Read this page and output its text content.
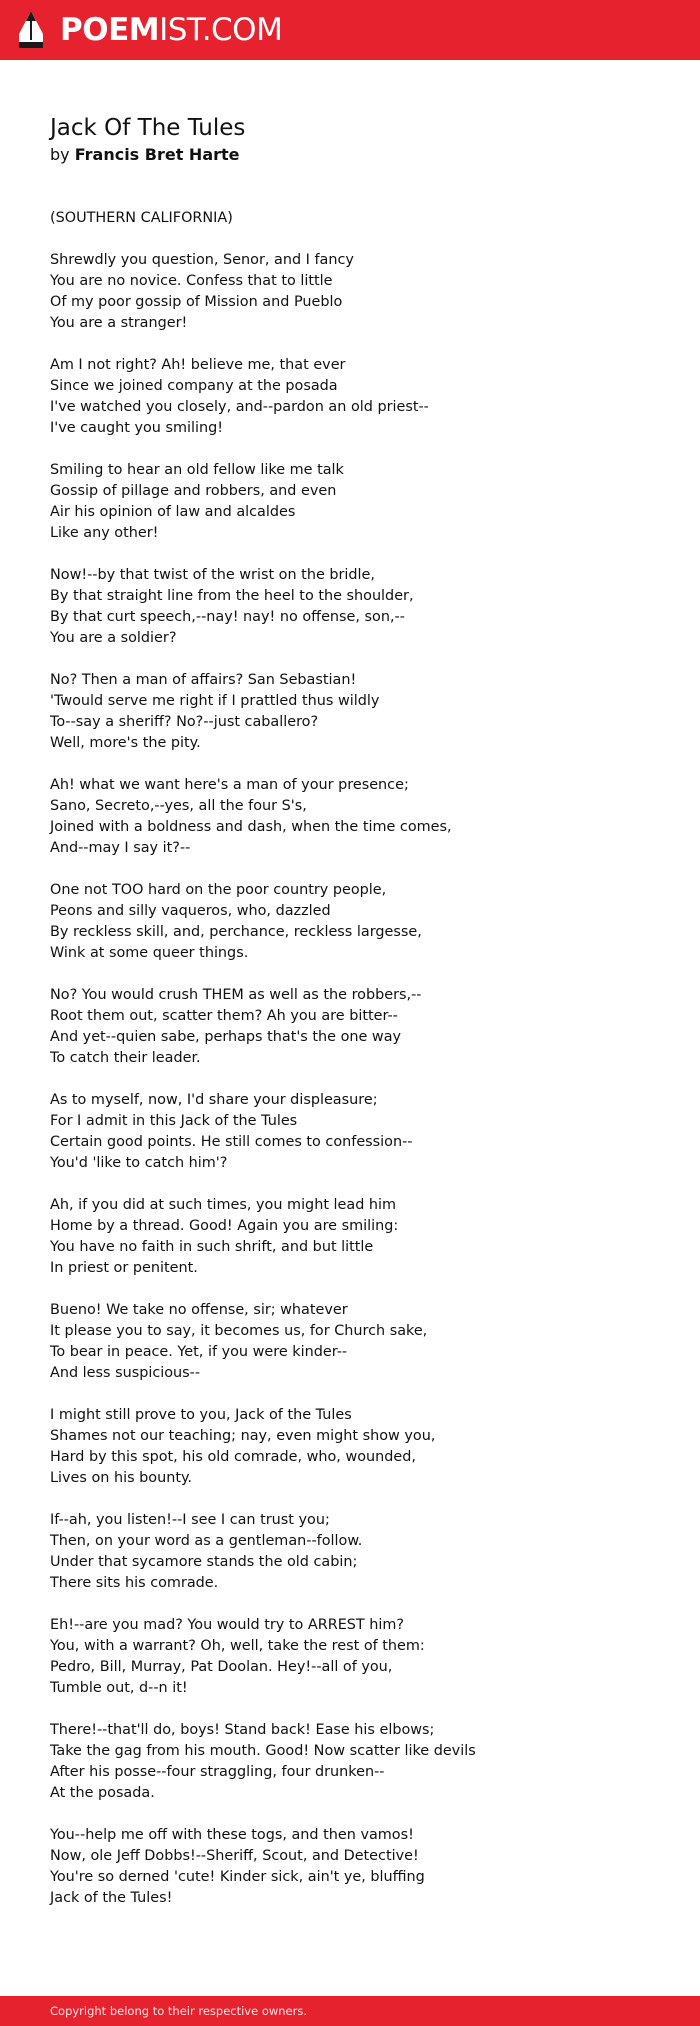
POEMIST.COM
Jack Of The Tules
by Francis Bret Harte
(SOUTHERN CALIFORNIA)
Shrewdly you question, Senor, and I fancy
You are no novice. Confess that to little
Of my poor gossip of Mission and Pueblo
You are a stranger!
Am I not right? Ah! believe me, that ever
Since we joined company at the posada
I've watched you closely, and--pardon an old priest--
I've caught you smiling!
Smiling to hear an old fellow like me talk
Gossip of pillage and robbers, and even
Air his opinion of law and alcaldes
Like any other!
Now!--by that twist of the wrist on the bridle,
By that straight line from the heel to the shoulder,
By that curt speech,--nay! nay! no offense, son,--
You are a soldier?
No? Then a man of affairs? San Sebastian!
'Twould serve me right if I prattled thus wildly
To--say a sheriff? No?--just caballero?
Well, more's the pity.
Ah! what we want here's a man of your presence;
Sano, Secreto,--yes, all the four S's,
Joined with a boldness and dash, when the time comes,
And--may I say it?--
One not TOO hard on the poor country people,
Peons and silly vaqueros, who, dazzled
By reckless skill, and, perchance, reckless largesse,
Wink at some queer things.
No? You would crush THEM as well as the robbers,--
Root them out, scatter them? Ah you are bitter--
And yet--quien sabe, perhaps that's the one way
To catch their leader.
As to myself, now, I'd share your displeasure;
For I admit in this Jack of the Tules
Certain good points. He still comes to confession--
You'd 'like to catch him'?
Ah, if you did at such times, you might lead him
Home by a thread. Good! Again you are smiling:
You have no faith in such shrift, and but little
In priest or penitent.
Bueno! We take no offense, sir; whatever
It please you to say, it becomes us, for Church sake,
To bear in peace. Yet, if you were kinder--
And less suspicious--
I might still prove to you, Jack of the Tules
Shames not our teaching; nay, even might show you,
Hard by this spot, his old comrade, who, wounded,
Lives on his bounty.
If--ah, you listen!--I see I can trust you;
Then, on your word as a gentleman--follow.
Under that sycamore stands the old cabin;
There sits his comrade.
Eh!--are you mad? You would try to ARREST him?
You, with a warrant? Oh, well, take the rest of them:
Pedro, Bill, Murray, Pat Doolan. Hey!--all of you,
Tumble out, d--n it!
There!--that'll do, boys! Stand back! Ease his elbows;
Take the gag from his mouth. Good! Now scatter like devils
After his posse--four straggling, four drunken--
At the posada.
You--help me off with these togs, and then vamos!
Now, ole Jeff Dobbs!--Sheriff, Scout, and Detective!
You're so derned 'cute! Kinder sick, ain't ye, bluffing
Jack of the Tules!
Copyright belong to their respective owners.
